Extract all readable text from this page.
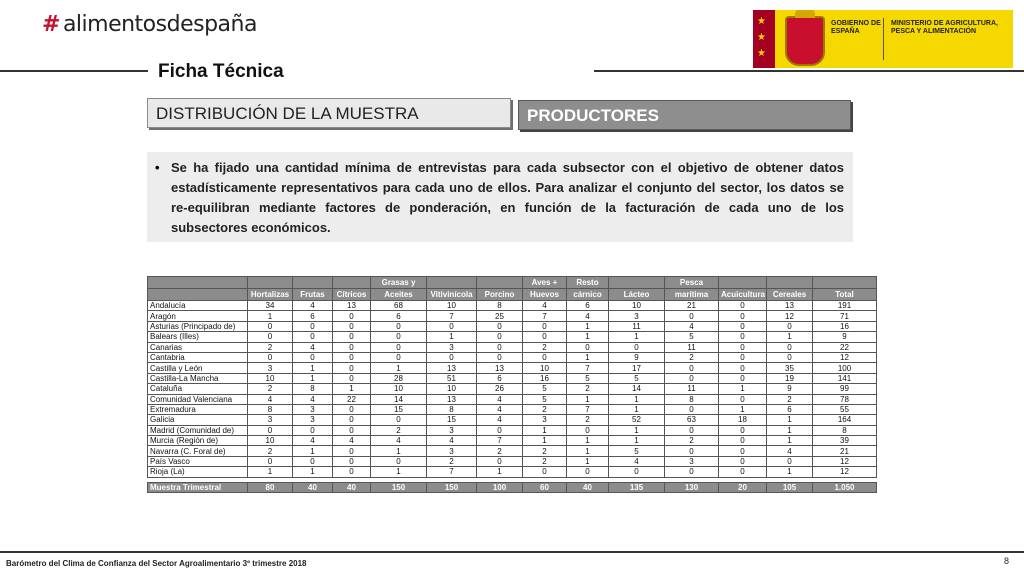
# alimentosdespaña	★
★
★
GOBIERNO DE ESPAÑA
MINISTERIO DE AGRICULTURA, PESCA Y ALIMENTACIÓN
Ficha Técnica
DISTRIBUCIÓN DE LA MUESTRA	PRODUCTORES
• Se ha fijado una cantidad mínima de entrevistas para cada subsector con el objetivo de obtener datos estadísticamente representativos para cada uno de ellos. Para analizar el conjunto del sector, los datos se re-equilibran mediante factores de ponderación, en función de la facturación de cada uno de los subsectores económicos.
				Grasas y			Aves +	Resto		Pesca			
	Hortalizas	Frutas	Cítricos	Aceites	Vitivinícola	Porcino	Huevos	cárnico	Lácteo	marítima	Acuicultura	Cereales	Total
Andalucía	34	4	13	68	10	8	4	6	10	21	0	13	191
Aragón	1	6	0	6	7	25	7	4	3	0	0	12	71
Asturias (Principado de)	0	0	0	0	0	0	0	1	11	4	0	0	16
Balears (Illes)	0	0	0	0	1	0	0	1	1	5	0	1	9
Canarias	2	4	0	0	3	0	2	0	0	11	0	0	22
Cantabria	0	0	0	0	0	0	0	1	9	2	0	0	12
Castilla y León	3	1	0	1	13	13	10	7	17	0	0	35	100
Castilla-La Mancha	10	1	0	28	51	6	16	5	5	0	0	19	141
Cataluña	2	8	1	10	10	26	5	2	14	11	1	9	99
Comunidad Valenciana	4	4	22	14	13	4	5	1	1	8	0	2	78
Extremadura	8	3	0	15	8	4	2	7	1	0	1	6	55
Galicia	3	3	0	0	15	4	3	2	52	63	18	1	164
Madrid (Comunidad de)	0	0	0	2	3	0	1	0	1	0	0	1	8
Murcia (Región de)	10	4	4	4	4	7	1	1	1	2	0	1	39
Navarra (C. Foral de)	2	1	0	1	3	2	2	1	5	0	0	4	21
País Vasco	0	0	0	0	2	0	2	1	4	3	0	0	12
Rioja (La)	1	1	0	1	7	1	0	0	0	0	0	1	12

Muestra Trimestral	80	40	40	150	150	100	60	40	135	130	20	105	1.050
Barómetro del Clima de Confianza del Sector Agroalimentario 3º trimestre 2018	8
